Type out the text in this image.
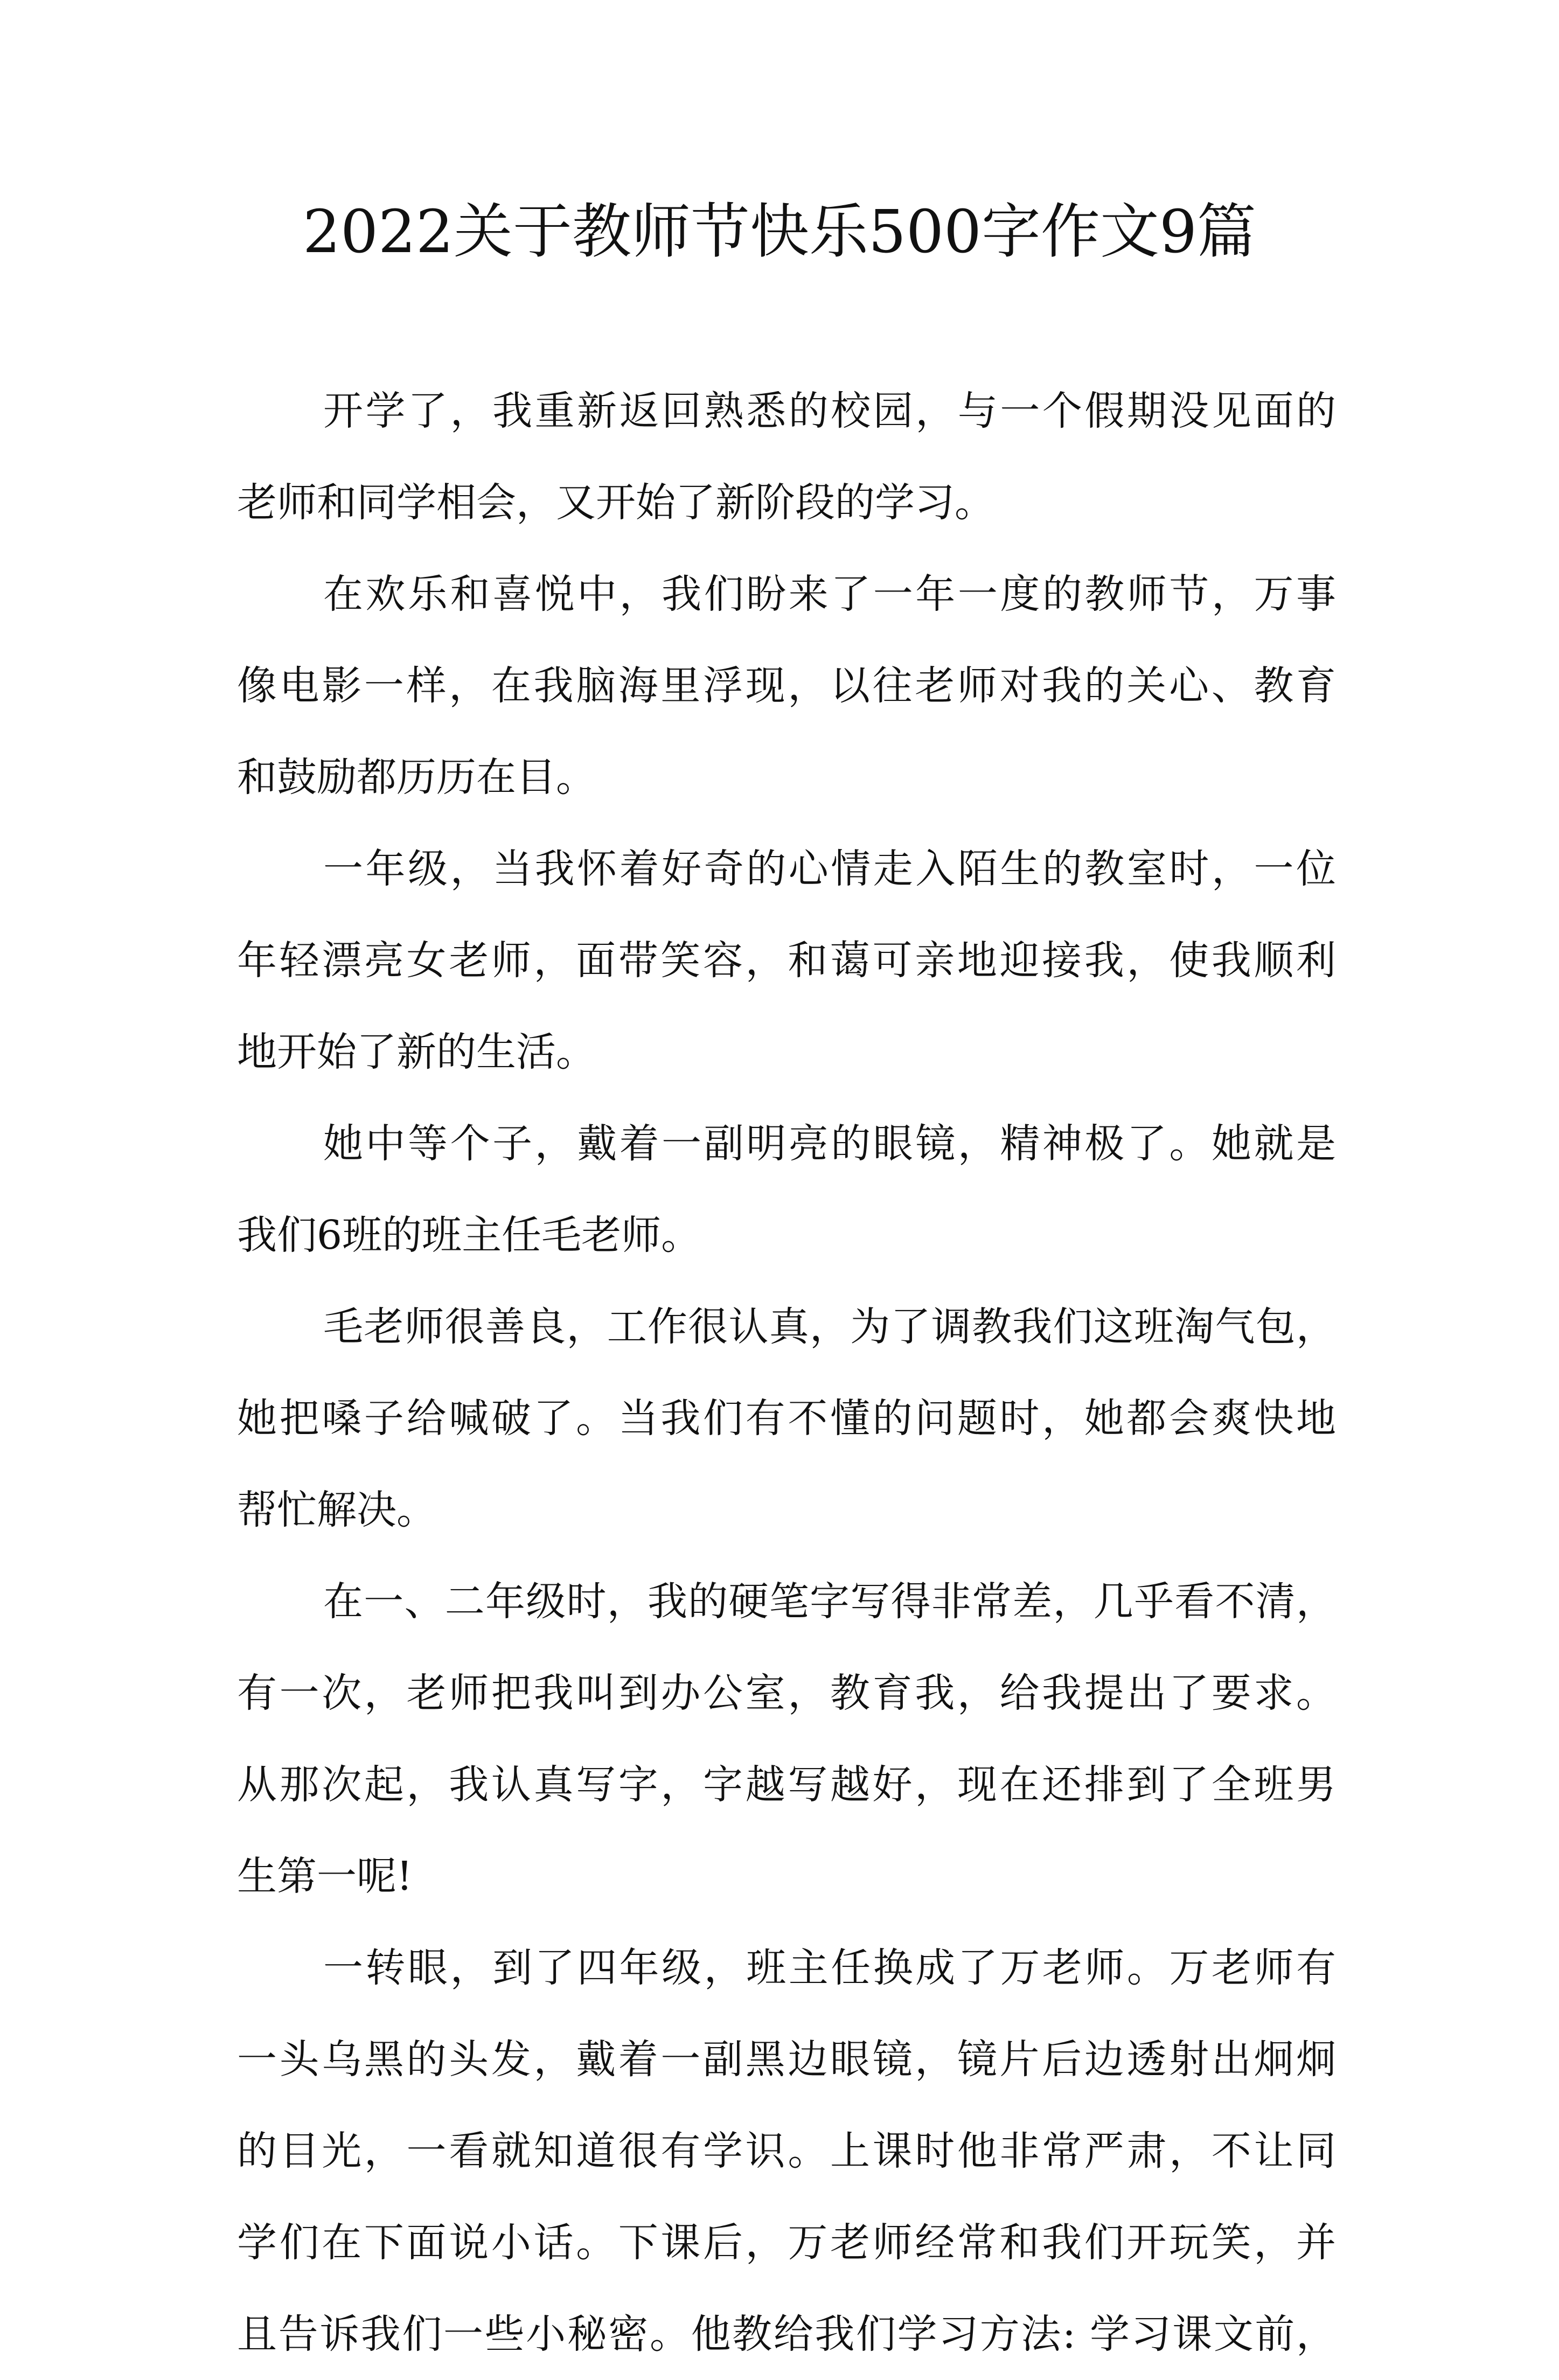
2022关于教师节快乐500字作文9篇
开学了，我重新返回熟悉的校园，与一个假期没见面的
老师和同学相会，又开始了新阶段的学习。
在欢乐和喜悦中，我们盼来了一年一度的教师节，万事
像电影一样，在我脑海里浮现，以往老师对我的关心、教育
和鼓励都历历在目。
一年级，当我怀着好奇的心情走入陌生的教室时，一位
年轻漂亮女老师，面带笑容，和蔼可亲地迎接我，使我顺利
地开始了新的生活。
她中等个子，戴着一副明亮的眼镜，精神极了。她就是
我们6班的班主任毛老师。
毛老师很善良，工作很认真，为了调教我们这班淘气包，
她把嗓子给喊破了。当我们有不懂的问题时，她都会爽快地
帮忙解决。
在一、二年级时，我的硬笔字写得非常差，几乎看不清，
有一次，老师把我叫到办公室，教育我，给我提出了要求。
从那次起，我认真写字，字越写越好，现在还排到了全班男
生第一呢!
一转眼，到了四年级，班主任换成了万老师。万老师有
一头乌黑的头发，戴着一副黑边眼镜，镜片后边透射出炯炯
的目光，一看就知道很有学识。上课时他非常严肃，不让同
学们在下面说小话。下课后，万老师经常和我们开玩笑，并
且告诉我们一些小秘密。他教给我们学习方法: 学习课文前，
